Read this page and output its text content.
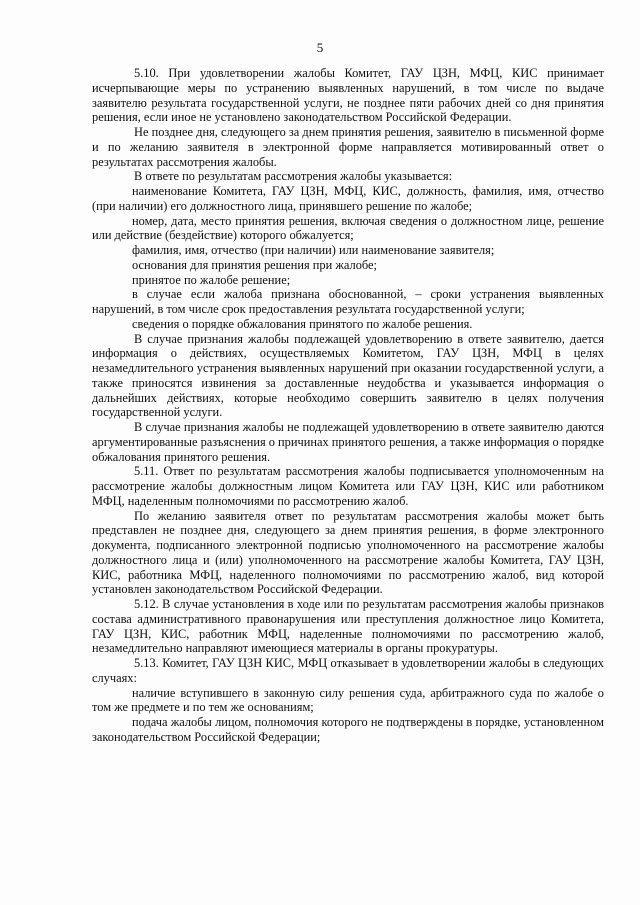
5

5.10. При удовлетворении жалобы Комитет, ГАУ ЦЗН, МФЦ, КИС принимает исчерпывающие меры по устранению выявленных нарушений, в том числе по выдаче заявителю результата государственной услуги, не позднее пяти рабочих дней со дня принятия решения, если иное не установлено законодательством Российской Федерации.

Не позднее дня, следующего за днем принятия решения, заявителю в письменной форме и по желанию заявителя в электронной форме направляется мотивированный ответ о результатах рассмотрения жалобы.

В ответе по результатам рассмотрения жалобы указывается:

наименование Комитета, ГАУ ЦЗН, МФЦ, КИС, должность, фамилия, имя, отчество (при наличии) его должностного лица, принявшего решение по жалобе;

номер, дата, место принятия решения, включая сведения о должностном лице, решение или действие (бездействие) которого обжалуется;

фамилия, имя, отчество (при наличии) или наименование заявителя;

основания для принятия решения при жалобе;

принятое по жалобе решение;

в случае если жалоба признана обоснованной, – сроки устранения выявленных нарушений, в том числе срок предоставления результата государственной услуги;

сведения о порядке обжалования принятого по жалобе решения.

В случае признания жалобы подлежащей удовлетворению в ответе заявителю, дается информация о действиях, осуществляемых Комитетом, ГАУ ЦЗН, МФЦ в целях незамедлительного устранения выявленных нарушений при оказании государственной услуги, а также приносятся извинения за доставленные неудобства и указывается информация о дальнейших действиях, которые необходимо совершить заявителю в целях получения государственной услуги.

В случае признания жалобы не подлежащей удовлетворению в ответе заявителю даются аргументированные разъяснения о причинах принятого решения, а также информация о порядке обжалования принятого решения.

5.11. Ответ по результатам рассмотрения жалобы подписывается уполномоченным на рассмотрение жалобы должностным лицом Комитета или ГАУ ЦЗН, КИС или работником МФЦ, наделенным полномочиями по рассмотрению жалоб.

По желанию заявителя ответ по результатам рассмотрения жалобы может быть представлен не позднее дня, следующего за днем принятия решения, в форме электронного документа, подписанного электронной подписью уполномоченного на рассмотрение жалобы должностного лица и (или) уполномоченного на рассмотрение жалобы Комитета, ГАУ ЦЗН, КИС, работника МФЦ, наделенного полномочиями по рассмотрению жалоб, вид которой установлен законодательством Российской Федерации.

5.12. В случае установления в ходе или по результатам рассмотрения жалобы признаков состава административного правонарушения или преступления должностное лицо Комитета, ГАУ ЦЗН, КИС, работник МФЦ, наделенные полномочиями по рассмотрению жалоб, незамедлительно направляют имеющиеся материалы в органы прокуратуры.

5.13. Комитет, ГАУ ЦЗН КИС, МФЦ отказывает в удовлетворении жалобы в следующих случаях:

наличие вступившего в законную силу решения суда, арбитражного суда по жалобе о том же предмете и по тем же основаниям;

подача жалобы лицом, полномочия которого не подтверждены в порядке, установленном законодательством Российской Федерации;
